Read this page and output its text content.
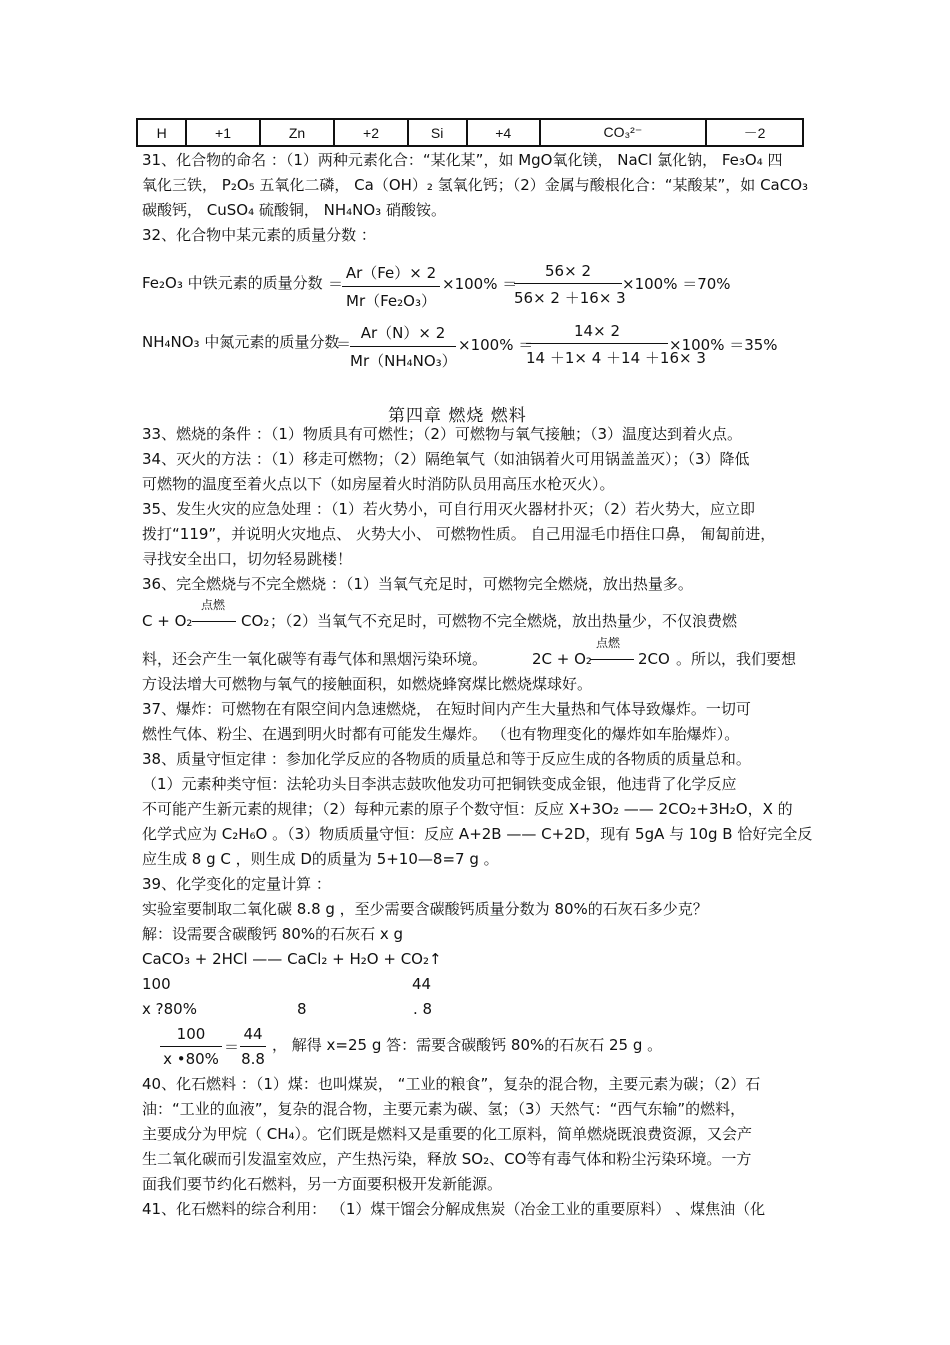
H	+1	Zn	+2	Si	+4	CO₃²⁻	－2
31、化合物的命名 ：（1）两种元素化合：“某化某”，如 MgO氧化镁， NaCl 氯化钠， Fe₃O₄ 四
氧化三铁， P₂O₅ 五氧化二磷， Ca（OH）₂ 氢氧化钙；（2）金属与酸根化合：“某酸某”，如 CaCO₃
碳酸钙， CuSO₄ 硫酸铜， NH₄NO₃ 硝酸铵。
32、化合物中某元素的质量分数 ：
Fe₂O₃ 中铁元素的质量分数 ＝
$\frac{Ar(Fe)\times 2}{\text{Mr（Fe₂O₃）}} \times 100\%$ ＝
$\frac{56\times 2}{56\times 2 +16\times 3} \times 100\% =70\%$
NH₄NO₃ 中氮元素的质量分数
＝
$\frac{Ar(N)\times 2}{\text{Mr（NH₄NO₃）}} \times 100\%$ ＝
$\frac{14\times 2}{14 +1\times 4 +14 +16\times 3} \times 100\% =35\%$
第四章 燃烧 燃料
33、燃烧的条件 ：（1）物质具有可燃性；（2）可燃物与氧气接触；（3）温度达到着火点。
34、灭火的方法 ：（1）移走可燃物；（2）隔绝氧气（如油锅着火可用锅盖盖灭）；（3）降低
可燃物的温度至着火点以下（如房屋着火时消防队员用高压水枪灭火）。
35、发生火灾的应急处理 ：（1）若火势小，可自行用灭火器材扑灭；（2）若火势大，应立即
拨打“119”，并说明火灾地点、 火势大小、 可燃物性质。 自己用湿毛巾捂住口鼻， 匍匐前进，
寻找安全出口，切勿轻易跳楼！
36、完全燃烧与不完全燃烧 ：（1）当氧气充足时，可燃物完全燃烧，放出热量多。
C + O₂
点燃
CO₂ ；（2）当氧气不充足时，可燃物不完全燃烧，放出热量少，不仅浪费燃
料，还会产生一氧化碳等有毒气体和黑烟污染环境。	2C + O₂
点燃
2CO 。所以，我们要想
方设法增大可燃物与氧气的接触面积，如燃烧蜂窝煤比燃烧煤球好。
37、爆炸：可燃物在有限空间内急速燃烧， 在短时间内产生大量热和气体导致爆炸。一切可
燃性气体、粉尘、在遇到明火时都有可能发生爆炸。 （也有物理变化的爆炸如车胎爆炸）。
38、质量守恒定律 ：参加化学反应的各物质的质量总和等于反应生成的各物质的质量总和。
（1）元素种类守恒：法轮功头目李洪志鼓吹他发功可把铜铁变成金银，他违背了化学反应
不可能产生新元素的规律；（2）每种元素的原子个数守恒：反应 X+3O₂ —— 2CO₂+3H₂O，X 的
化学式应为 C₂H₆O 。（3）物质质量守恒：反应 A+2B —— C+2D，现有 5gA 与 10g B 恰好完全反
应生成 8 g C ，则生成 D的质量为 5+10—8=7 g 。
39、化学变化的定量计算 ：
实验室要制取二氧化碳 8.8 g ，至少需要含碳酸钙质量分数为 80%的石灰石多少克？
解：设需要含碳酸钙 80%的石灰石 x g
CaCO₃ + 2HCl —— CaCl₂ + H₂O + CO₂↑
100	44
x ?80%	8	. 8
$\frac{100}{x •80\%} = \frac{44}{8.8}$ ， 解得 x=25 g 答：需要含碳酸钙 80%的石灰石 25 g 。
40、化石燃料 ：（1）煤：也叫煤炭， “工业的粮食”，复杂的混合物，主要元素为碳；（2）石
油：“工业的血液”，复杂的混合物，主要元素为碳、氢；（3）天然气：“西气东输”的燃料，
主要成分为甲烷（ CH₄）。它们既是燃料又是重要的化工原料，简单燃烧既浪费资源，又会产
生二氧化碳而引发温室效应，产生热污染，释放 SO₂、CO等有毒气体和粉尘污染环境。一方
面我们要节约化石燃料，另一方面要积极开发新能源。
41、化石燃料的综合利用： （1）煤干馏会分解成焦炭（冶金工业的重要原料） 、煤焦油（化
